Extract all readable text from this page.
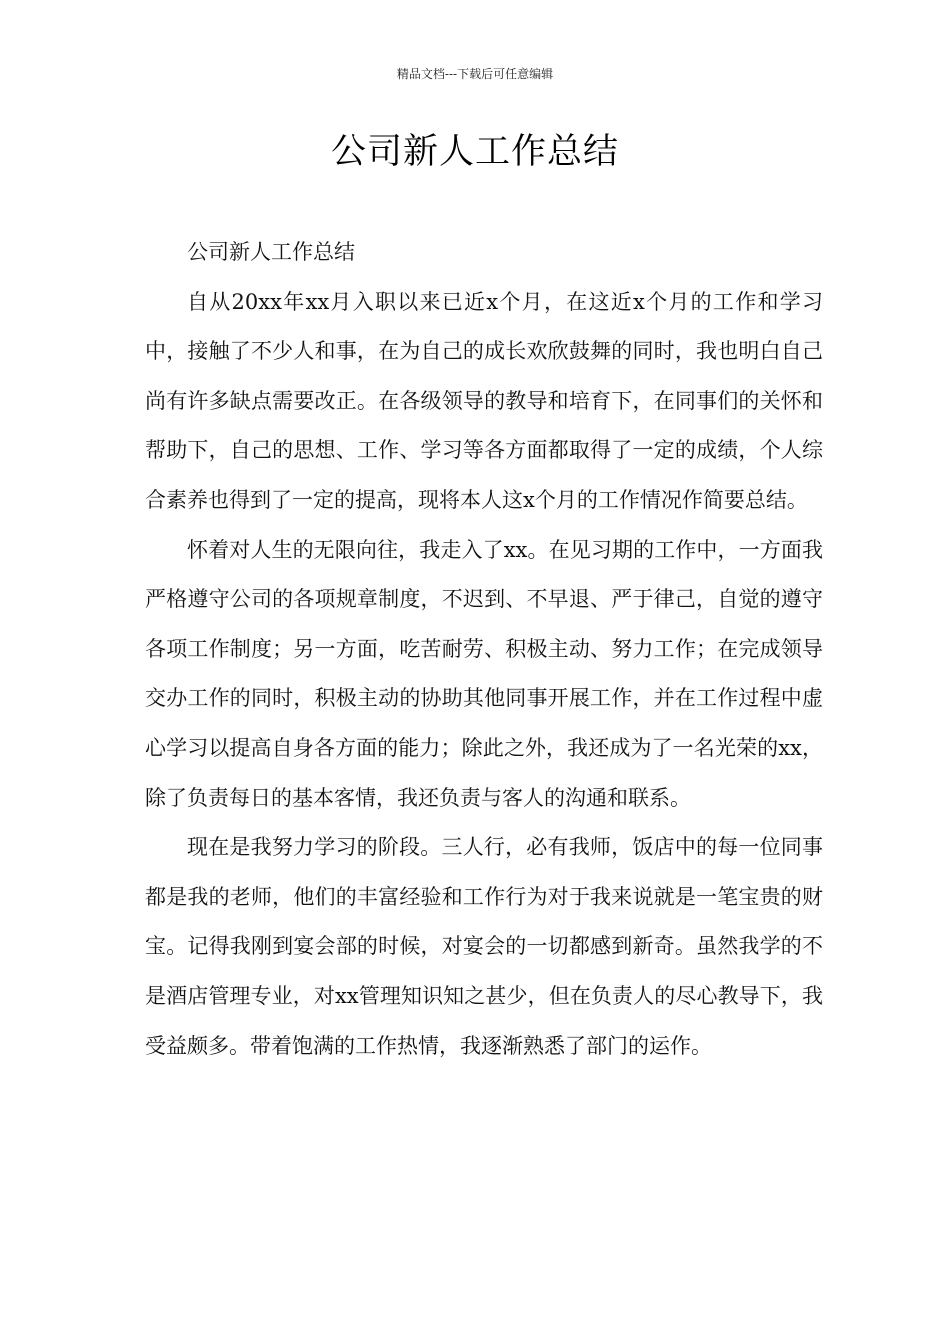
精品文档---下载后可任意编辑
公司新人工作总结

公司新人工作总结

自从20xx年xx月入职以来已近x个月，在这近x个月的工作和学习中，接触了不少人和事，在为自己的成长欢欣鼓舞的同时，我也明白自己尚有许多缺点需要改正。在各级领导的教导和培育下，在同事们的关怀和帮助下，自己的思想、工作、学习等各方面都取得了一定的成绩，个人综合素养也得到了一定的提高，现将本人这x个月的工作情况作简要总结。

怀着对人生的无限向往，我走入了xx。在见习期的工作中，一方面我严格遵守公司的各项规章制度，不迟到、不早退、严于律己，自觉的遵守各项工作制度；另一方面，吃苦耐劳、积极主动、努力工作；在完成领导交办工作的同时，积极主动的协助其他同事开展工作，并在工作过程中虚心学习以提高自身各方面的能力；除此之外，我还成为了一名光荣的xx，除了负责每日的基本客情，我还负责与客人的沟通和联系。

现在是我努力学习的阶段。三人行，必有我师，饭店中的每一位同事都是我的老师，他们的丰富经验和工作行为对于我来说就是一笔宝贵的财宝。记得我刚到宴会部的时候，对宴会的一切都感到新奇。虽然我学的不是酒店管理专业，对xx管理知识知之甚少，但在负责人的尽心教导下，我受益颇多。带着饱满的工作热情，我逐渐熟悉了部门的运作。
